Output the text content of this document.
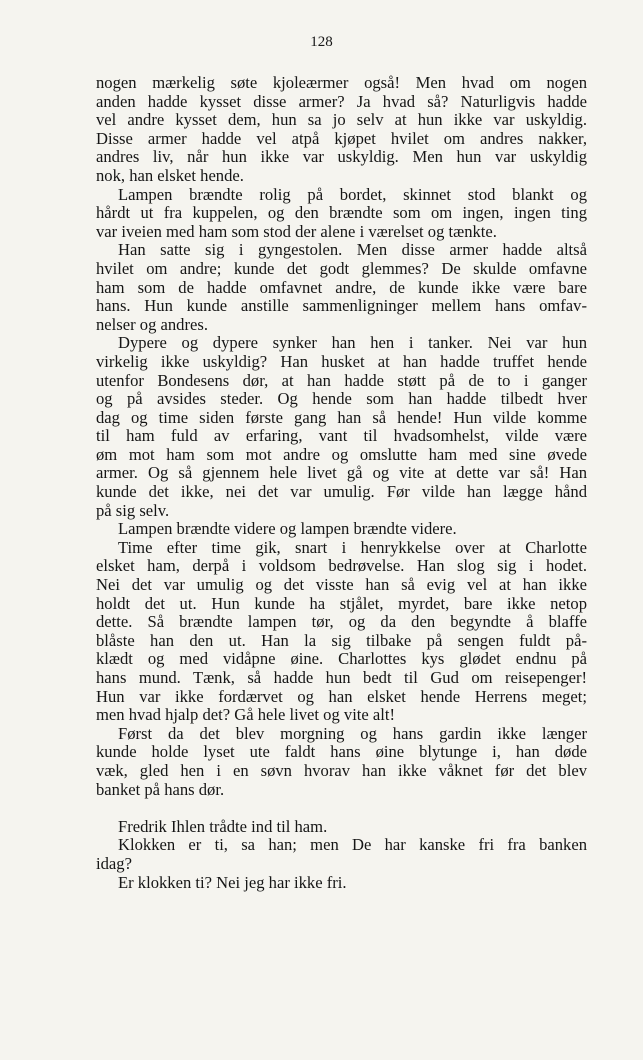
128
nogen mærkelig søte kjoleærmer også! Men hvad om nogen
anden hadde kysset disse armer? Ja hvad så? Naturligvis hadde
vel andre kysset dem, hun sa jo selv at hun ikke var uskyldig.
Disse armer hadde vel atpå kjøpet hvilet om andres nakker,
andres liv, når hun ikke var uskyldig. Men hun var uskyldig
nok, han elsket hende.
Lampen brændte rolig på bordet, skinnet stod blankt og
hårdt ut fra kuppelen, og den brændte som om ingen, ingen ting
var iveien med ham som stod der alene i værelset og tænkte.
Han satte sig i gyngestolen. Men disse armer hadde altså
hvilet om andre; kunde det godt glemmes? De skulde omfavne
ham som de hadde omfavnet andre, de kunde ikke være bare
hans. Hun kunde anstille sammenligninger mellem hans omfav-
nelser og andres.
Dypere og dypere synker han hen i tanker. Nei var hun
virkelig ikke uskyldig? Han husket at han hadde truffet hende
utenfor Bondesens dør, at han hadde støtt på de to i ganger
og på avsides steder. Og hende som han hadde tilbedt hver
dag og time siden første gang han så hende! Hun vilde komme
til ham fuld av erfaring, vant til hvadsomhelst, vilde være
øm mot ham som mot andre og omslutte ham med sine øvede
armer. Og så gjennem hele livet gå og vite at dette var så! Han
kunde det ikke, nei det var umulig. Før vilde han lægge hånd
på sig selv.
Lampen brændte videre og lampen brændte videre.
Time efter time gik, snart i henrykkelse over at Charlotte
elsket ham, derpå i voldsom bedrøvelse. Han slog sig i hodet.
Nei det var umulig og det visste han så evig vel at han ikke
holdt det ut. Hun kunde ha stjålet, myrdet, bare ikke netop
dette. Så brændte lampen tør, og da den begyndte å blaffe
blåste han den ut. Han la sig tilbake på sengen fuldt på-
klædt og med vidåpne øine. Charlottes kys glødet endnu på
hans mund. Tænk, så hadde hun bedt til Gud om reisepenger!
Hun var ikke fordærvet og han elsket hende Herrens meget;
men hvad hjalp det? Gå hele livet og vite alt!
Først da det blev morgning og hans gardin ikke længer
kunde holde lyset ute faldt hans øine blytunge i, han døde
væk, gled hen i en søvn hvorav han ikke våknet før det blev
banket på hans dør.
Fredrik Ihlen trådte ind til ham.
Klokken er ti, sa han; men De har kanske fri fra banken
idag?
Er klokken ti? Nei jeg har ikke fri.
